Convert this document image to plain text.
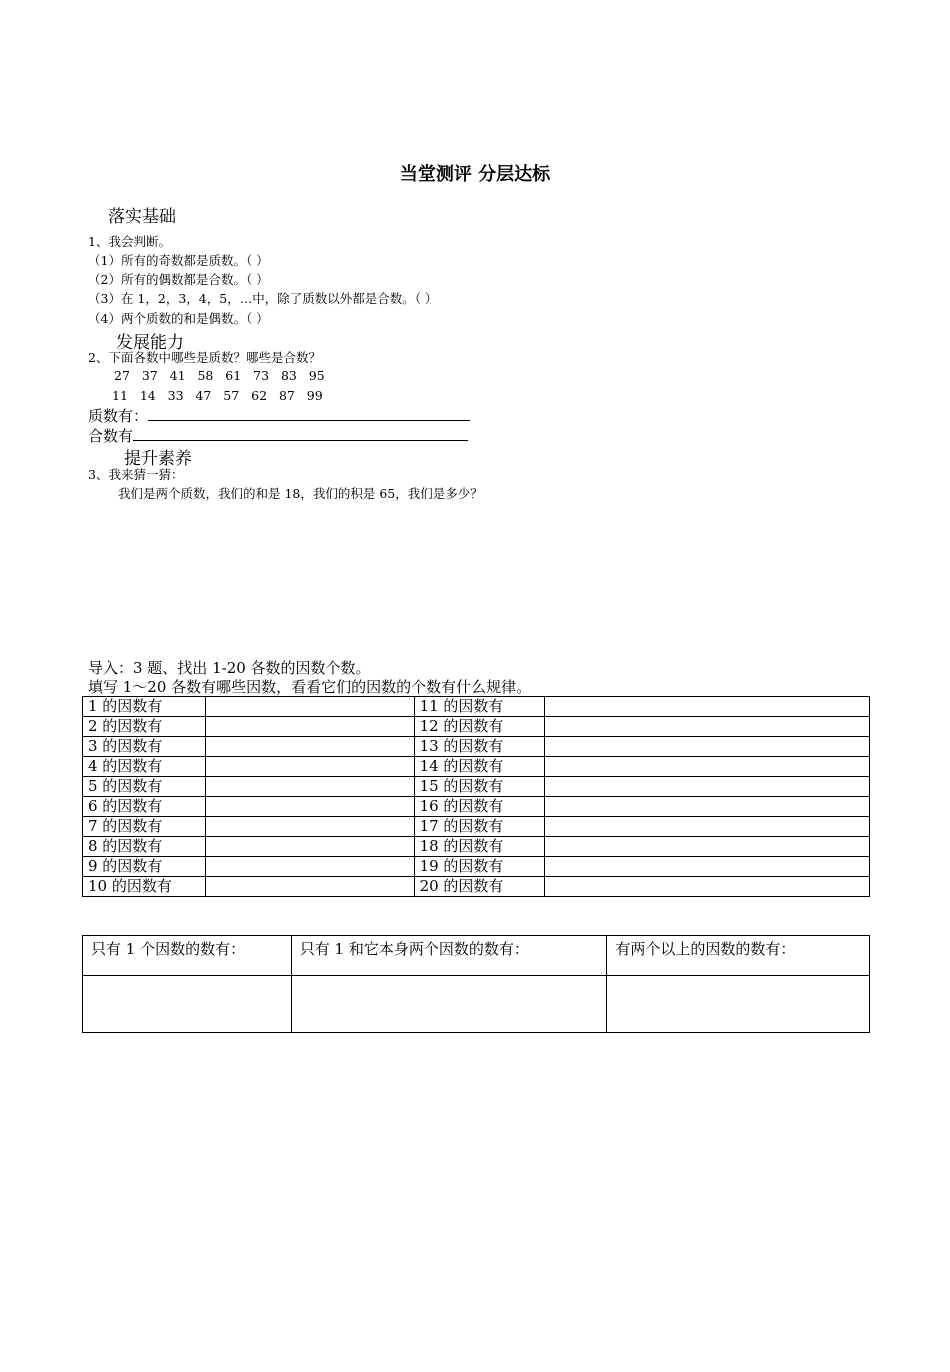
当堂测评 分层达标
落实基础
1、我会判断。
（1）所有的奇数都是质数。（ ）
（2）所有的偶数都是合数。（ ）
（3）在 1，2，3，4，5，…中，除了质数以外都是合数。（ ）
（4）两个质数的和是偶数。（ ）
发展能力
2、下面各数中哪些是质数？哪些是合数？
27   37   41   58   61   73   83   95
11   14   33   47   57   62   87   99
质数有：
合数有
提升素养
3、我来猜一猜：
我们是两个质数，我们的和是 18，我们的积是 65，我们是多少？
导入：3 题、找出 1-20 各数的因数个数。
填写 1～20 各数有哪些因数，看看它们的因数的个数有什么规律。
1 的因数有		11 的因数有	
2 的因数有		12 的因数有	
3 的因数有		13 的因数有	
4 的因数有		14 的因数有	
5 的因数有		15 的因数有	
6 的因数有		16 的因数有	
7 的因数有		17 的因数有	
8 的因数有		18 的因数有	
9 的因数有		19 的因数有	
10 的因数有		20 的因数有	
只有 1 个因数的数有：	只有 1 和它本身两个因数的数有：	有两个以上的因数的数有：
